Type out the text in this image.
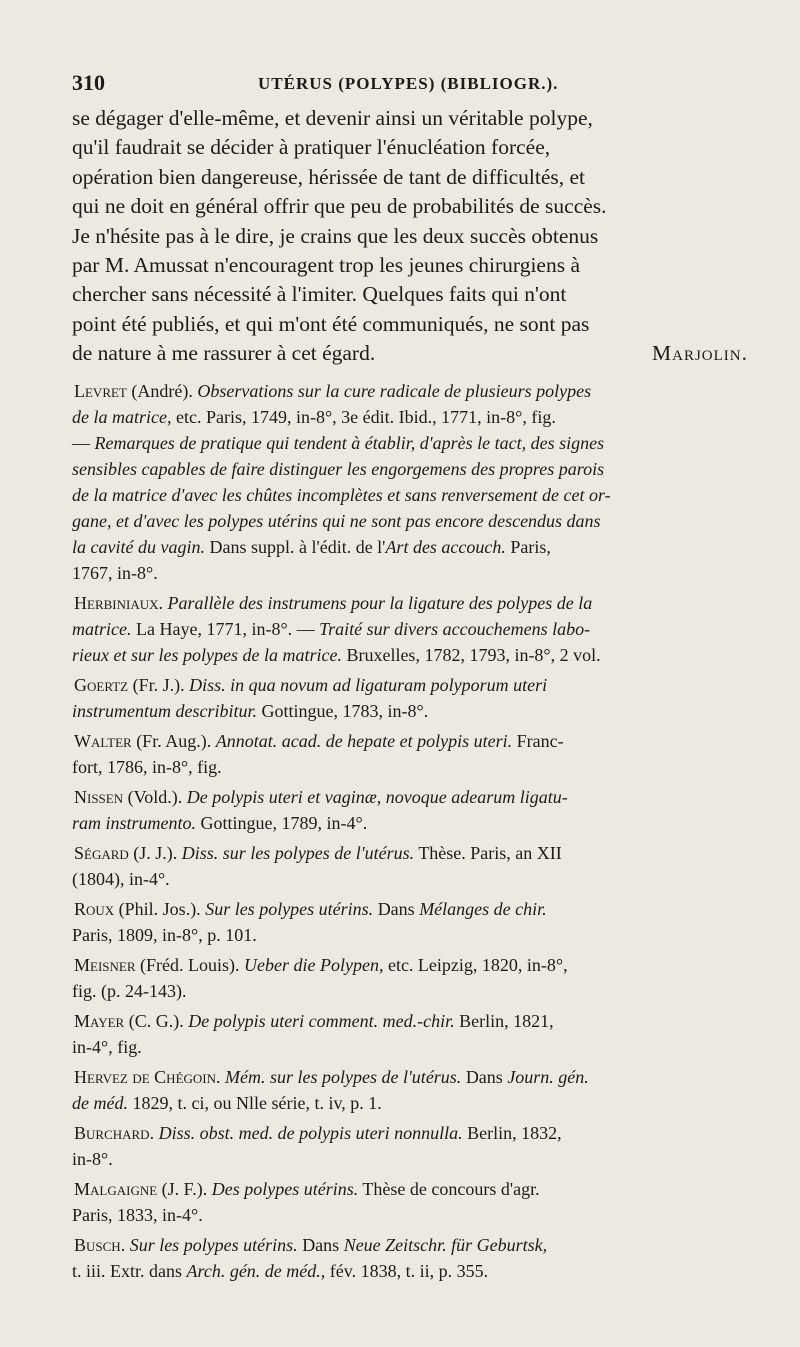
310	UTÉRUS (POLYPES) (BIBLIOGR.).
se dégager d'elle-même, et devenir ainsi un véritable polype,
qu'il faudrait se décider à pratiquer l'énucléation forcée,
opération bien dangereuse, hérissée de tant de difficultés, et
qui ne doit en général offrir que peu de probabilités de succès.
Je n'hésite pas à le dire, je crains que les deux succès obtenus
par M. Amussat n'encouragent trop les jeunes chirurgiens à
chercher sans nécessité à l'imiter. Quelques faits qui n'ont
point été publiés, et qui m'ont été communiqués, ne sont pas
de nature à me rassurer à cet égard.	Marjolin.
Levret (André). Observations sur la cure radicale de plusieurs polypes
de la matrice, etc. Paris, 1749, in-8°, 3e édit. Ibid., 1771, in-8°, fig.
— Remarques de pratique qui tendent à établir, d'après le tact, des signes
sensibles capables de faire distinguer les engorgemens des propres parois
de la matrice d'avec les chûtes incomplètes et sans renversement de cet or-
gane, et d'avec les polypes utérins qui ne sont pas encore descendus dans
la cavité du vagin. Dans suppl. à l'édit. de l'Art des accouch. Paris,
1767, in-8°.
Herbiniaux. Parallèle des instrumens pour la ligature des polypes de la
matrice. La Haye, 1771, in-8°. — Traité sur divers accouchemens labo-
rieux et sur les polypes de la matrice. Bruxelles, 1782, 1793, in-8°, 2 vol.
Goertz (Fr. J.). Diss. in qua novum ad ligaturam polyporum uteri
instrumentum describitur. Gottingue, 1783, in-8°.
Walter (Fr. Aug.). Annotat. acad. de hepate et polypis uteri. Franc-
fort, 1786, in-8°, fig.
Nissen (Vold.). De polypis uteri et vaginæ, novoque adearum ligatu-
ram instrumento. Gottingue, 1789, in-4°.
Ségard (J. J.). Diss. sur les polypes de l'utérus. Thèse. Paris, an XII
(1804), in-4°.
Roux (Phil. Jos.). Sur les polypes utérins. Dans Mélanges de chir.
Paris, 1809, in-8°, p. 101.
Meisner (Fréd. Louis). Ueber die Polypen, etc. Leipzig, 1820, in-8°,
fig. (p. 24-143).
Mayer (C. G.). De polypis uteri comment. med.-chir. Berlin, 1821,
in-4°, fig.
Hervez de Chégoin. Mém. sur les polypes de l'utérus. Dans Journ. gén.
de méd. 1829, t. ci, ou Nlle série, t. iv, p. 1.
Burchard. Diss. obst. med. de polypis uteri nonnulla. Berlin, 1832,
in-8°.
Malgaigne (J. F.). Des polypes utérins. Thèse de concours d'agr.
Paris, 1833, in-4°.
Busch. Sur les polypes utérins. Dans Neue Zeitschr. für Geburtsk,
t. iii. Extr. dans Arch. gén. de méd., fév. 1838, t. ii, p. 355.
